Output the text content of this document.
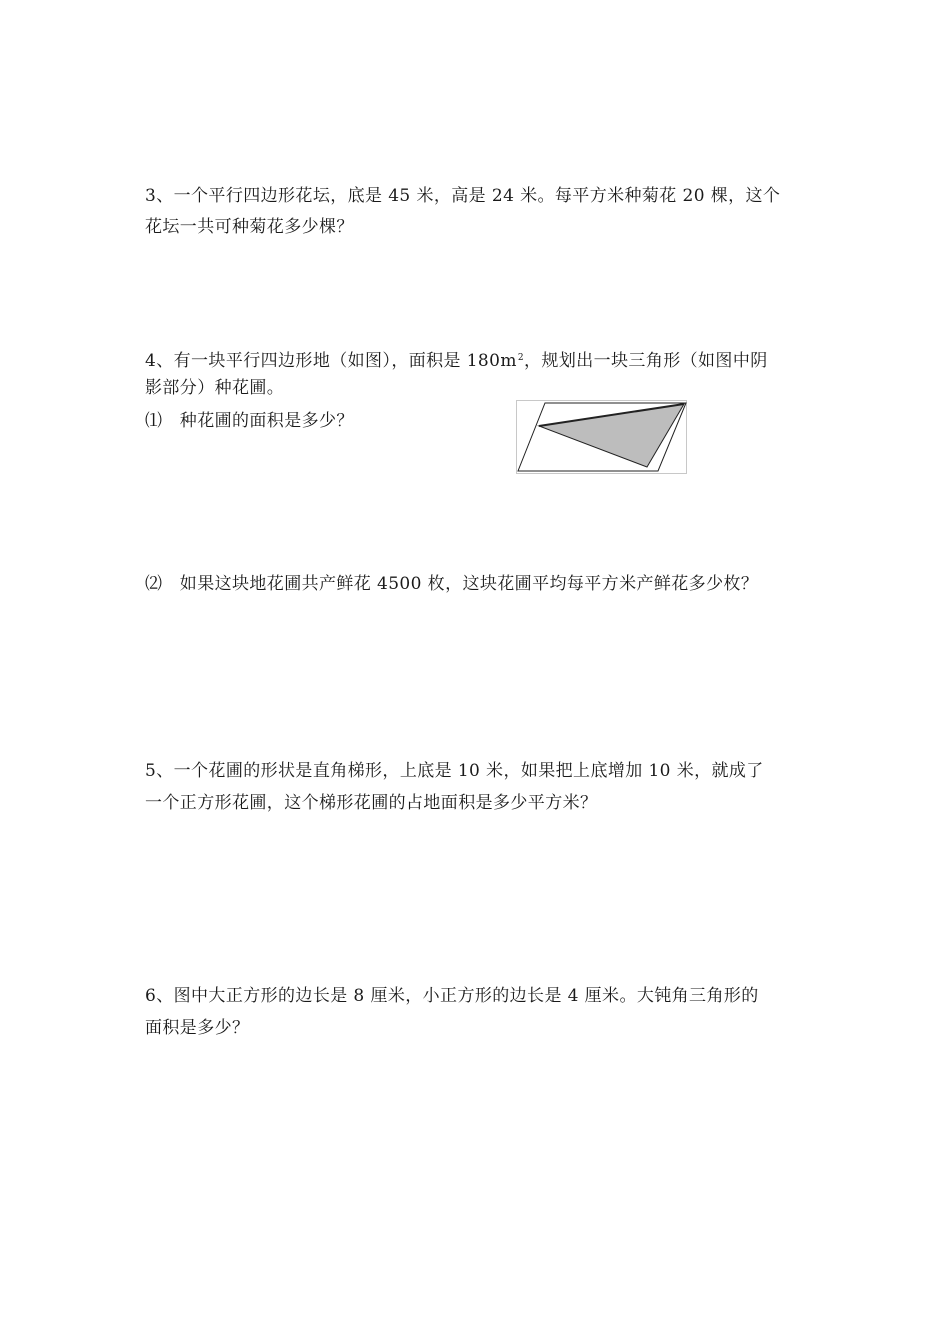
3、一个平行四边形花坛，底是 45 米，高是 24 米。每平方米种菊花 20 棵，这个
花坛一共可种菊花多少棵？
4、有一块平行四边形地（如图），面积是 $180m^2$，规划出一块三角形（如图中阴
影部分）种花圃。
⑴　种花圃的面积是多少？
⑵　如果这块地花圃共产鲜花 4500 枚，这块花圃平均每平方米产鲜花多少枚？
5、一个花圃的形状是直角梯形，上底是 10 米，如果把上底增加 10 米，就成了
一个正方形花圃，这个梯形花圃的占地面积是多少平方米？
6、图中大正方形的边长是 8 厘米，小正方形的边长是 4 厘米。大钝角三角形的
面积是多少？
